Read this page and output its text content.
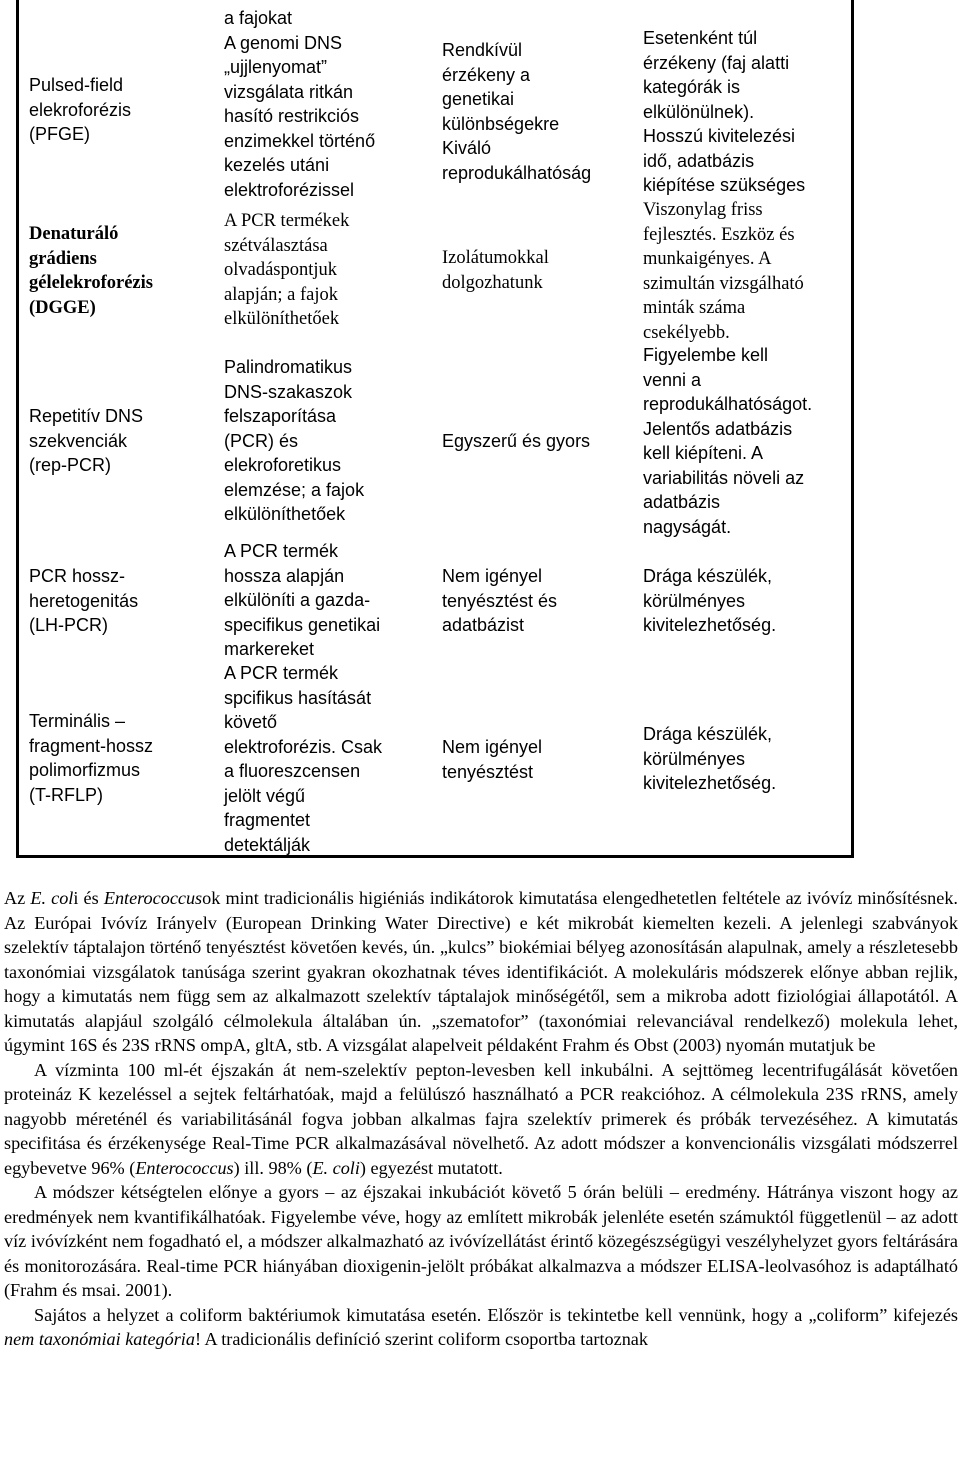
Pulsed-field
elekroforézis
(PFGE)
a fajokat
A genomi DNS
„ujjlenyomat”
vizsgálata ritkán
hasító restrikciós
enzimekkel történő
kezelés utáni
elektroforézissel
Rendkívül
érzékeny a
genetikai
különbségekre
Kiváló
reprodukálhatóság
Esetenként túl
érzékeny (faj alatti
kategórák is
elkülönülnek).
Hosszú kivitelezési
idő, adatbázis
kiépítése szükséges
Denaturáló
grádiens
gélelekroforézis
(DGGE)
A PCR termékek
szétválasztása
olvadáspontjuk
alapján; a fajok
elkülöníthetőek
Izolátumokkal
dolgozhatunk
Viszonylag friss
fejlesztés. Eszköz és
munkaigényes. A
szimultán vizsgálható
minták száma
csekélyebb.
Repetitív DNS
szekvenciák
(rep-PCR)
Palindromatikus
DNS-szakaszok
felszaporítása
(PCR) és
elekroforetikus
elemzése; a fajok
elkülöníthetőek
Egyszerű és gyors
Figyelembe kell
venni a
reprodukálhatóságot.
Jelentős adatbázis
kell kiépíteni. A
variabilitás növeli az
adatbázis
nagyságát.
PCR hossz-
heretogenitás
(LH-PCR)
A PCR termék
hossza alapján
elkülöníti a gazda-
specifikus genetikai
markereket
Nem igényel
tenyésztést és
adatbázist
Drága készülék,
körülményes
kivitelezhetőség.
Terminális –
fragment-hossz
polimorfizmus
(T-RFLP)
A PCR termék
spcifikus hasítását
követő
elektroforézis. Csak
a fluoreszcensen
jelölt végű
fragmentet
detektálják
Nem igényel
tenyésztést
Drága készülék,
körülményes
kivitelezhetőség.

Az E. coli és Enterococcusok mint tradicionális higiéniás indikátorok kimutatása elengedhetetlen feltétele az ivóvíz minősítésnek. Az Európai Ivóvíz Irányelv (European Drinking Water Directive) e két mikrobát kiemelten kezeli. A jelenlegi szabványok szelektív táptalajon történő tenyésztést követően kevés, ún. „kulcs” biokémiai bélyeg azonosításán alapulnak, amely a részletesebb taxonómiai vizsgálatok tanúsága szerint gyakran okozhatnak téves identifikációt. A molekuláris módszerek előnye abban rejlik, hogy a kimutatás nem függ sem az alkalmazott szelektív táptalajok minőségétől, sem a mikroba adott fiziológiai állapotától. A kimutatás alapjául szolgáló célmolekula általában ún. „szematofor” (taxonómiai relevanciával rendelkező) molekula lehet, úgymint 16S és 23S rRNS ompA, gltA, stb. A vizsgálat alapelveit példaként Frahm és Obst (2003) nyomán mutatjuk be

A vízminta 100 ml-ét éjszakán át nem-szelektív pepton-levesben kell inkubálni. A sejttömeg lecentrifugálását követően proteináz K kezeléssel a sejtek feltárhatóak, majd a felülúszó használható a PCR reakcióhoz. A célmolekula 23S rRNS, amely nagyobb méreténél és variabilitásánál fogva jobban alkalmas fajra szelektív primerek és próbák tervezéséhez. A kimutatás specifitása és érzékenysége Real-Time PCR alkalmazásával növelhető. Az adott módszer a konvencionális vizsgálati módszerrel egybevetve 96% (Enterococcus) ill. 98% (E. coli) egyezést mutatott.

A módszer kétségtelen előnye a gyors – az éjszakai inkubációt követő 5 órán belüli – eredmény. Hátránya viszont hogy az eredmények nem kvantifikálhatóak. Figyelembe véve, hogy az említett mikrobák jelenléte esetén számuktól függetlenül – az adott víz ivóvízként nem fogadható el, a módszer alkalmazható az ivóvízellátást érintő közegészségügyi veszélyhelyzet gyors feltárására és monitorozására. Real-time PCR hiányában dioxigenin-jelölt próbákat alkalmazva a módszer ELISA-leolvasóhoz is adaptálható (Frahm és msai. 2001).

Sajátos a helyzet a coliform baktériumok kimutatása esetén. Először is tekintetbe kell vennünk, hogy a „coliform” kifejezés nem taxonómiai kategória! A tradicionális definíció szerint coliform csoportba tartoznak
